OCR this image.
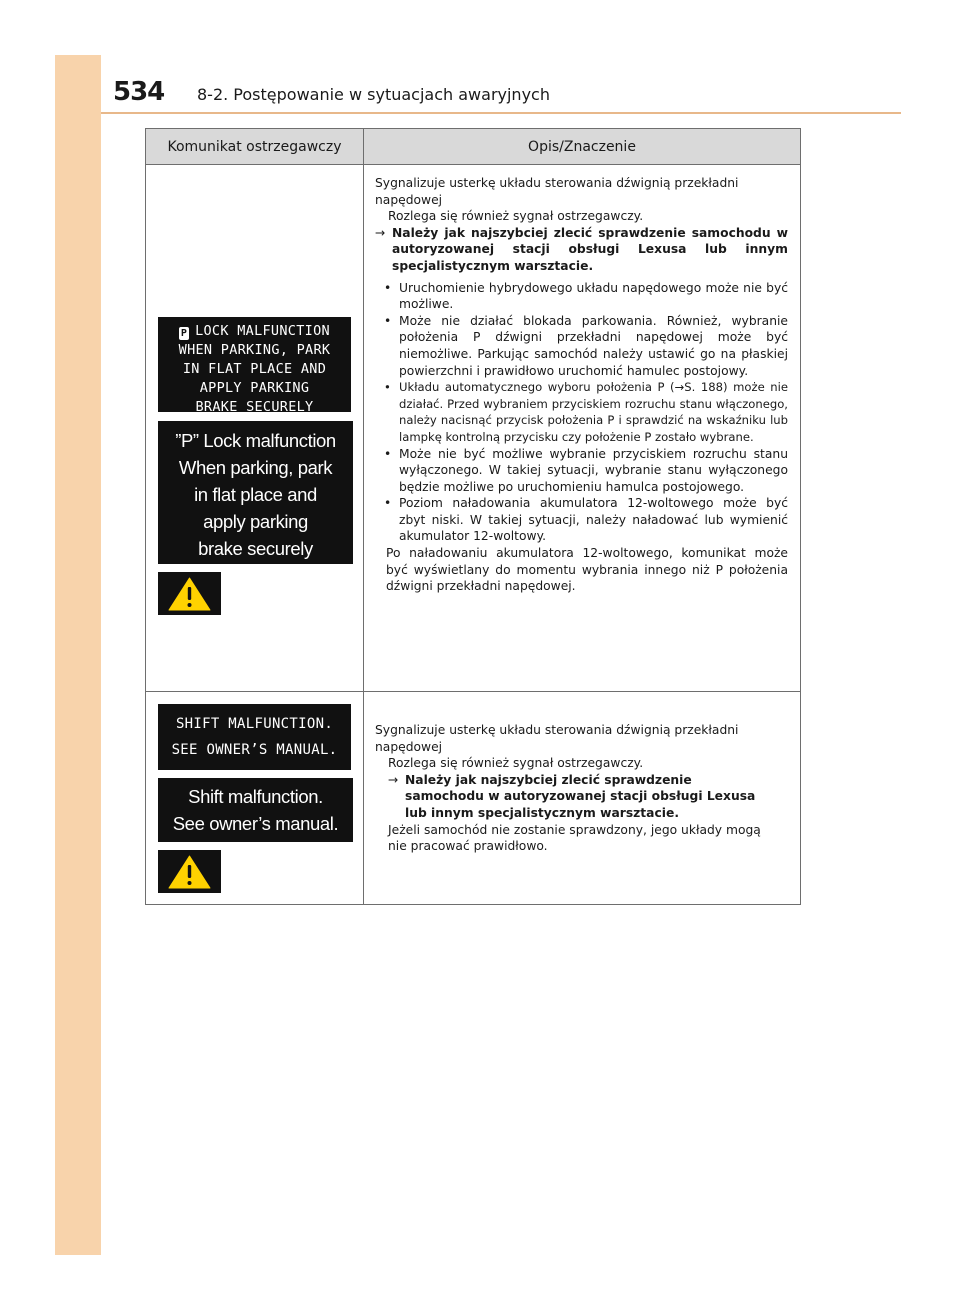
534 8-2. Postępowanie w sytuacjach awaryjnych
Komunikat ostrzegawczy	Opis/Znaczenie
P LOCK MALFUNCTION
WHEN PARKING, PARK
IN FLAT PLACE AND
APPLY PARKING
BRAKE SECURELY
”P” Lock malfunction
When parking, park
in flat place and
apply parking
brake securely
Sygnalizuje usterkę układu sterowania dźwignią przekładni
napędowej
Rozlega się również sygnał ostrzegawczy.
→ Należy jak najszybciej zlecić sprawdzenie samochodu w autoryzowanej stacji obsługi Lexusa lub innym specjalistycznym warsztacie.
• Uruchomienie hybrydowego układu napędowego może nie być możliwe.
• Może nie działać blokada parkowania. Również, wybranie położenia P dźwigni przekładni napędowej może być niemożliwe. Parkując samochód należy ustawić go na płaskiej powierzchni i prawidłowo uruchomić hamulec postojowy.
• Układu automatycznego wyboru położenia P (→S. 188) może nie działać. Przed wybraniem przyciskiem rozruchu stanu włączonego, należy nacisnąć przycisk położenia P i sprawdzić na wskaźniku lub lampkę kontrolną przycisku czy położenie P zostało wybrane.
• Może nie być możliwe wybranie przyciskiem rozruchu stanu wyłączonego. W takiej sytuacji, wybranie stanu wyłączonego będzie możliwe po uruchomieniu hamulca postojowego.
• Poziom naładowania akumulatora 12-woltowego może być zbyt niski. W takiej sytuacji, należy naładować lub wymienić akumulator 12-woltowy.
Po naładowaniu akumulatora 12-woltowego, komunikat może być wyświetlany do momentu wybrania innego niż P położenia dźwigni przekładni napędowej.
SHIFT MALFUNCTION.
SEE OWNER’S MANUAL.
Shift malfunction.
See owner’s manual.
Sygnalizuje usterkę układu sterowania dźwignią przekładni
napędowej
Rozlega się również sygnał ostrzegawczy.
→ Należy jak najszybciej zlecić sprawdzenie samochodu w autoryzowanej stacji obsługi Lexusa lub innym specjalistycznym warsztacie.
Jeżeli samochód nie zostanie sprawdzony, jego układy mogą nie pracować prawidłowo.
